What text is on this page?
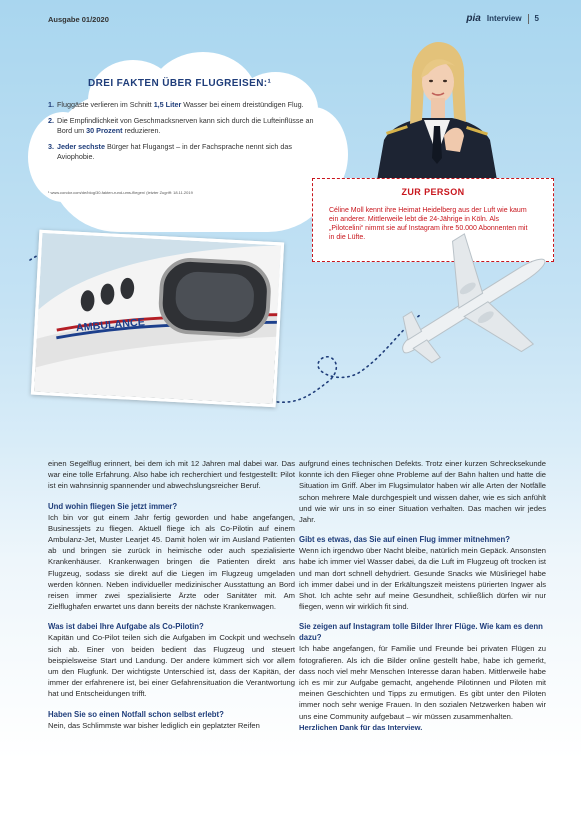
Ausgabe 01/2020	pia Interview 5
DREI FAKTEN ÜBER FLUGREISEN:¹
1. Fluggäste verlieren im Schnitt 1,5 Liter Wasser bei einem dreistündigen Flug.
2. Die Empfindlichkeit von Geschmacksnerven kann sich durch die Lufteinflüsse an Bord um 30 Prozent reduzieren.
3. Jeder sechste Bürger hat Flugangst – in der Fachsprache nennt sich das Aviophobie.
¹ www.condor.com/de/blog/30-fakten-rund-ums-fliegen/ (letzter Zugriff: 18.11.2019	ZUR PERSON
Céline Moll kennt ihre Heimat Heidelberg aus der Luft wie kaum ein anderer. Mittlerweile lebt die 24-Jährige in Köln. Als „Pilotcelini“ nimmt sie auf Instagram ihre 50.000 Abonnenten mit in die Lüfte.
AMBULANCE

einen Segelflug erinnert, bei dem ich mit 12 Jahren mal dabei war. Das war eine tolle Erfahrung. Also habe ich recherchiert und festgestellt: Pilot ist ein wahnsinnig spannender und abwechslungsreicher Beruf.

Und wohin fliegen Sie jetzt immer?

Ich bin vor gut einem Jahr fertig geworden und habe angefangen, Businessjets zu fliegen. Aktuell fliege ich als Co-Pilotin auf einem Ambulanz-Jet, Muster Learjet 45. Damit holen wir im Ausland Patienten ab und bringen sie zurück in heimische oder auch spezialisierte Krankenhäuser. Krankenwagen bringen die Patienten direkt ans Flugzeug, sodass sie direkt auf die Liegen im Flugzeug umgeladen werden können. Neben individueller medizinischer Ausstattung an Bord reisen immer zwei spezialisierte Ärzte oder Sanitäter mit. Am Zielflughafen erwartet uns dann bereits der nächste Krankenwagen.

Was ist dabei Ihre Aufgabe als Co-Pilotin?

Kapitän und Co-Pilot teilen sich die Aufgaben im Cockpit und wechseln sich ab. Einer von beiden bedient das Flugzeug und steuert beispielsweise Start und Landung. Der andere kümmert sich vor allem um den Flugfunk. Der wichtigste Unterschied ist, dass der Kapitän, der immer der erfahrenere ist, bei einer Gefahrensituation die Verantwortung hat und Entscheidungen trifft.

Haben Sie so einen Notfall schon selbst erlebt?

Nein, das Schlimmste war bisher lediglich ein geplatzter Reifen

aufgrund eines technischen Defekts. Trotz einer kurzen Schrecksekunde konnte ich den Flieger ohne Probleme auf der Bahn halten und hatte die Situation im Griff. Aber im Flugsimulator haben wir alle Arten der Notfälle schon mehrere Male durchgespielt und wissen daher, wie es sich anfühlt und wie wir uns in so einer Situation verhalten. Das machen wir jedes Jahr.

Gibt es etwas, das Sie auf einen Flug immer mitnehmen?

Wenn ich irgendwo über Nacht bleibe, natürlich mein Gepäck. Ansonsten habe ich immer viel Wasser dabei, da die Luft im Flugzeug oft trocken ist und man dort schnell dehydriert. Gesunde Snacks wie Müsliriegel habe ich immer dabei und in der Erkältungszeit meistens pürierten Ingwer als Shot. Ich achte sehr auf meine Gesundheit, schließlich dürfen wir nur fliegen, wenn wir wirklich fit sind.

Sie zeigen auf Instagram tolle Bilder Ihrer Flüge. Wie kam es denn dazu?

Ich habe angefangen, für Familie und Freunde bei privaten Flügen zu fotografieren. Als ich die Bilder online gestellt habe, habe ich gemerkt, dass noch viel mehr Menschen Interesse daran haben. Mittlerweile habe ich es mir zur Aufgabe gemacht, angehende Pilotinnen und Piloten mit meinen Geschichten und Tipps zu ermutigen. Es gibt unter den Piloten immer noch sehr wenige Frauen. In den sozialen Netzwerken haben wir uns eine Community aufgebaut – wir müssen zusammenhalten.

Herzlichen Dank für das Interview.
